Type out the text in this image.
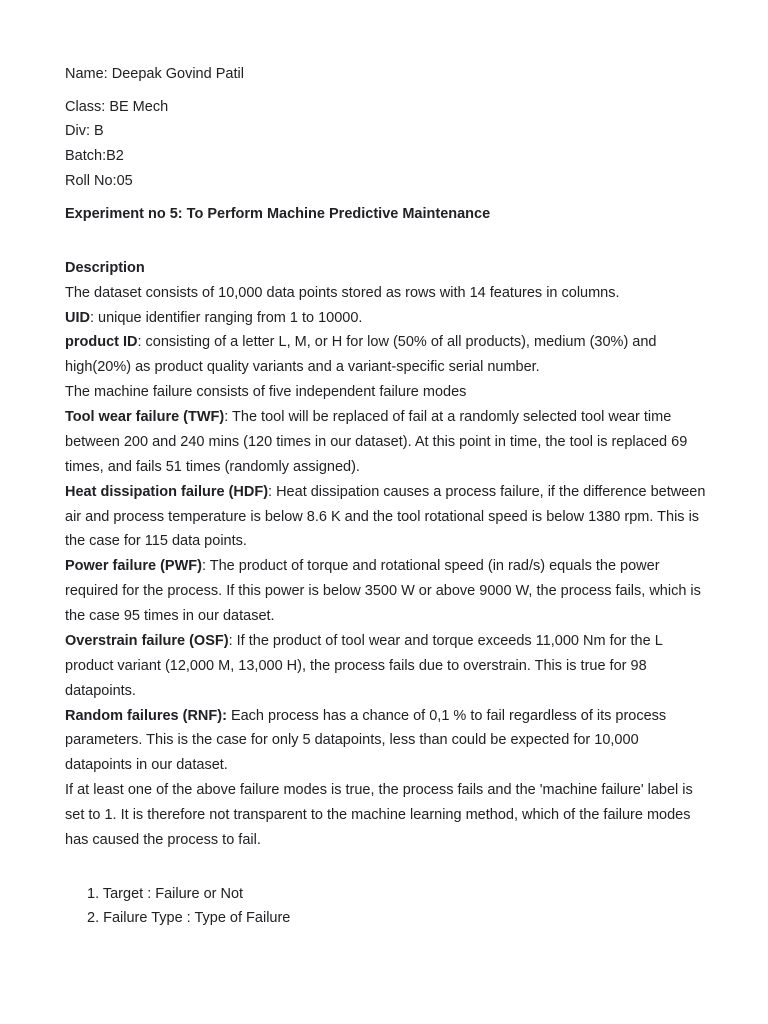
Name: Deepak Govind Patil
Class: BE Mech
Div: B
Batch:B2
Roll No:05
Experiment no 5: To Perform Machine Predictive Maintenance
Description
The dataset consists of 10,000 data points stored as rows with 14 features in columns.
UID: unique identifier ranging from 1 to 10000.
product ID: consisting of a letter L, M, or H for low (50% of all products), medium (30%) and
high(20%) as product quality variants and a variant-specific serial number.
The machine failure consists of five independent failure modes
Tool wear failure (TWF): The tool will be replaced of fail at a randomly selected tool wear time
between 200 and 240 mins (120 times in our dataset). At this point in time, the tool is replaced 69
times, and fails 51 times (randomly assigned).
Heat dissipation failure (HDF): Heat dissipation causes a process failure, if the difference between
air and process temperature is below 8.6 K and the tool rotational speed is below 1380 rpm. This is
the case for 115 data points.
Power failure (PWF): The product of torque and rotational speed (in rad/s) equals the power
required for the process. If this power is below 3500 W or above 9000 W, the process fails, which is
the case 95 times in our dataset.
Overstrain failure (OSF): If the product of tool wear and torque exceeds 11,000 Nm for the L
product variant (12,000 M, 13,000 H), the process fails due to overstrain. This is true for 98
datapoints.
Random failures (RNF): Each process has a chance of 0,1 % to fail regardless of its process
parameters. This is the case for only 5 datapoints, less than could be expected for 10,000
datapoints in our dataset.
If at least one of the above failure modes is true, the process fails and the 'machine failure' label is
set to 1. It is therefore not transparent to the machine learning method, which of the failure modes
has caused the process to fail.
1. Target : Failure or Not
2. Failure Type : Type of Failure
